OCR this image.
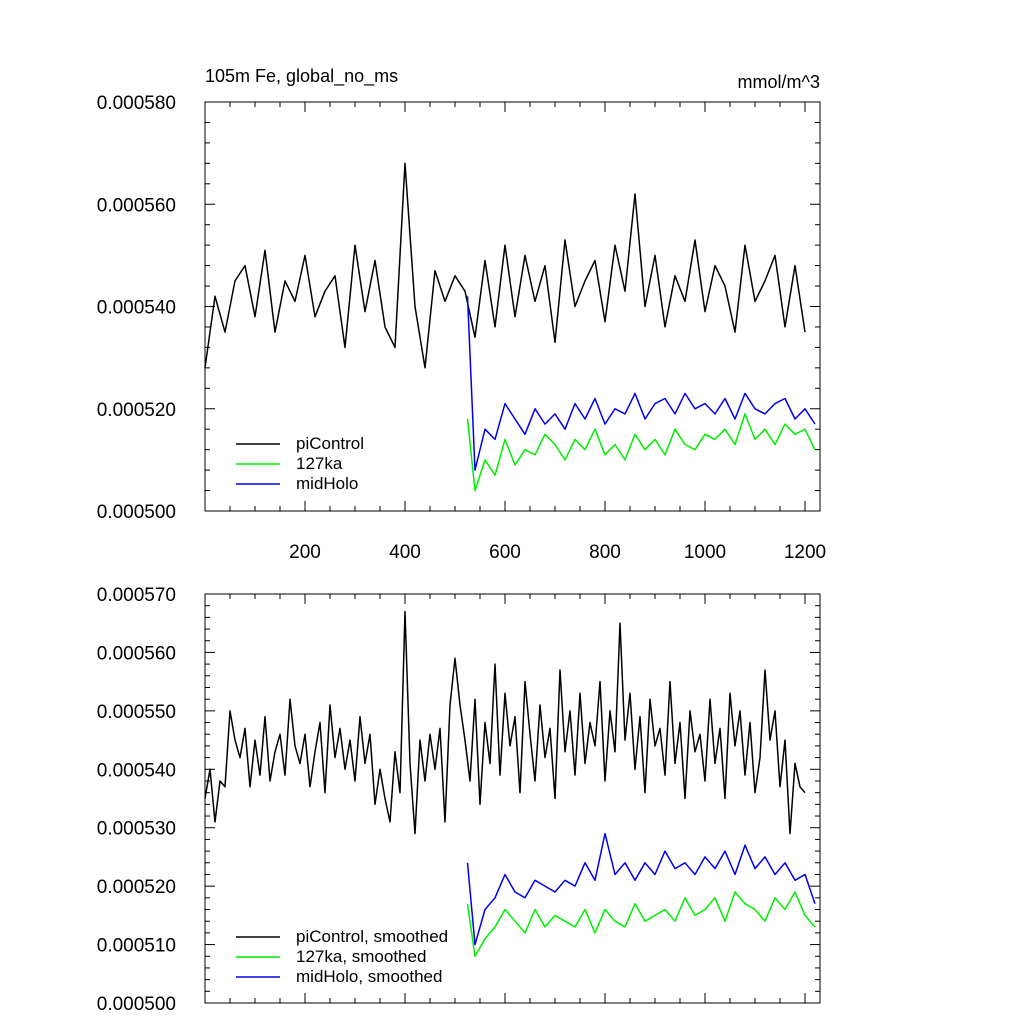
105m Fe, global_no_ms	mmol/m^3
0.000500
0.000520
0.000540
0.000560
0.000580
200	400	600	800	1000	1200
piControl
127ka
midHolo
0.000500
0.000510
0.000520
0.000530
0.000540
0.000550
0.000560
0.000570
piControl, smoothed
127ka, smoothed
midHolo, smoothed
